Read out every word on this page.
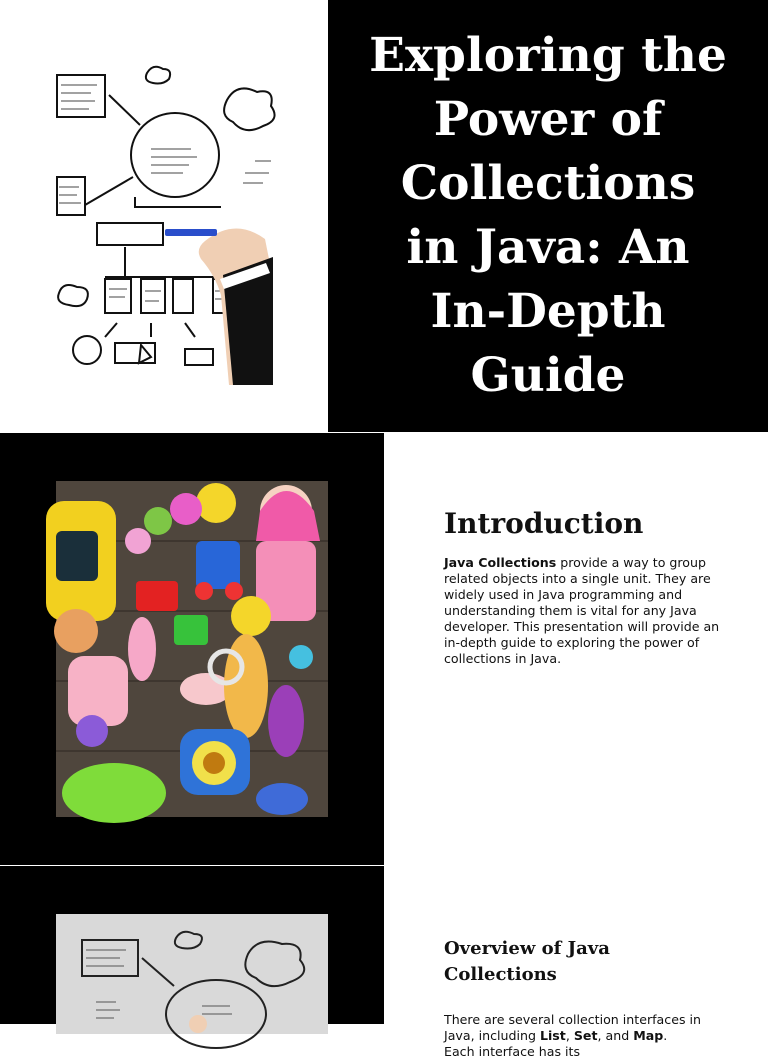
Exploring the Power of Collections in Java: An In-Depth Guide
Introduction

Java Collections provide a way to group related objects into a single unit. They are widely used in Java programming and understanding them is vital for any Java developer. This presentation will provide an in-depth guide to exploring the power of collections in Java.

Overview of Java Collections

There are several collection interfaces in Java, including List, Set, and Map.
Each interface has its
